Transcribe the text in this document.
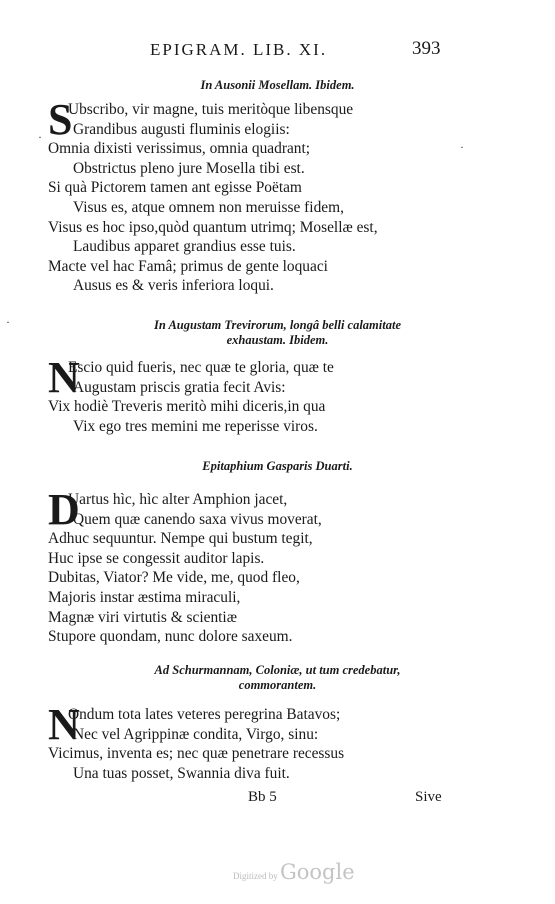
EPIGRAM. LIB. XI.	393
In Ausonii Mosellam. Ibidem.
S
Ubscribo, vir magne, tuis meritòque libensque
Grandibus augusti fluminis elogiis:
Omnia dixisti verissimus, omnia quadrant;
Obstrictus pleno jure Mosella tibi est.
Si quà Pictorem tamen ant egisse Poëtam
Visus es, atque omnem non meruisse fidem,
Visus es hoc ipso,quòd quantum utrimq; Mosellæ est,
Laudibus apparet grandius esse tuis.
Macte vel hac Famâ; primus de gente loquaci
Ausus es & veris inferiora loqui.
In Augustam Trevirorum, longâ belli calamitate
exhaustam. Ibidem.
N
Escio quid fueris, nec quæ te gloria, quæ te
Augustam priscis gratia fecit Avis:
Vix hodiè Treveris meritò mihi diceris,in qua
Vix ego tres memini me reperisse viros.
Epitaphium Gasparis Duarti.
D
Uartus hìc, hìc alter Amphion jacet,
Quem quæ canendo saxa vivus moverat,
Adhuc sequuntur. Nempe qui bustum tegit,
Huc ipse se congessit auditor lapis.
Dubitas, Viator? Me vide, me, quod fleo,
Majoris instar æstima miraculi,
Magnæ viri virtutis & scientiæ
Stupore quondam, nunc dolore saxeum.
Ad Schurmannam, Coloniæ, ut tum credebatur,
commorantem.
N
Ondum tota lates veteres peregrina Batavos;
Nec vel Agrippinæ condita, Virgo, sinu:
Vicimus, inventa es; nec quæ penetrare recessus
Una tuas posset, Swannia diva fuit.
Bb 5	Sive
Digitized by Google
·
·
·
